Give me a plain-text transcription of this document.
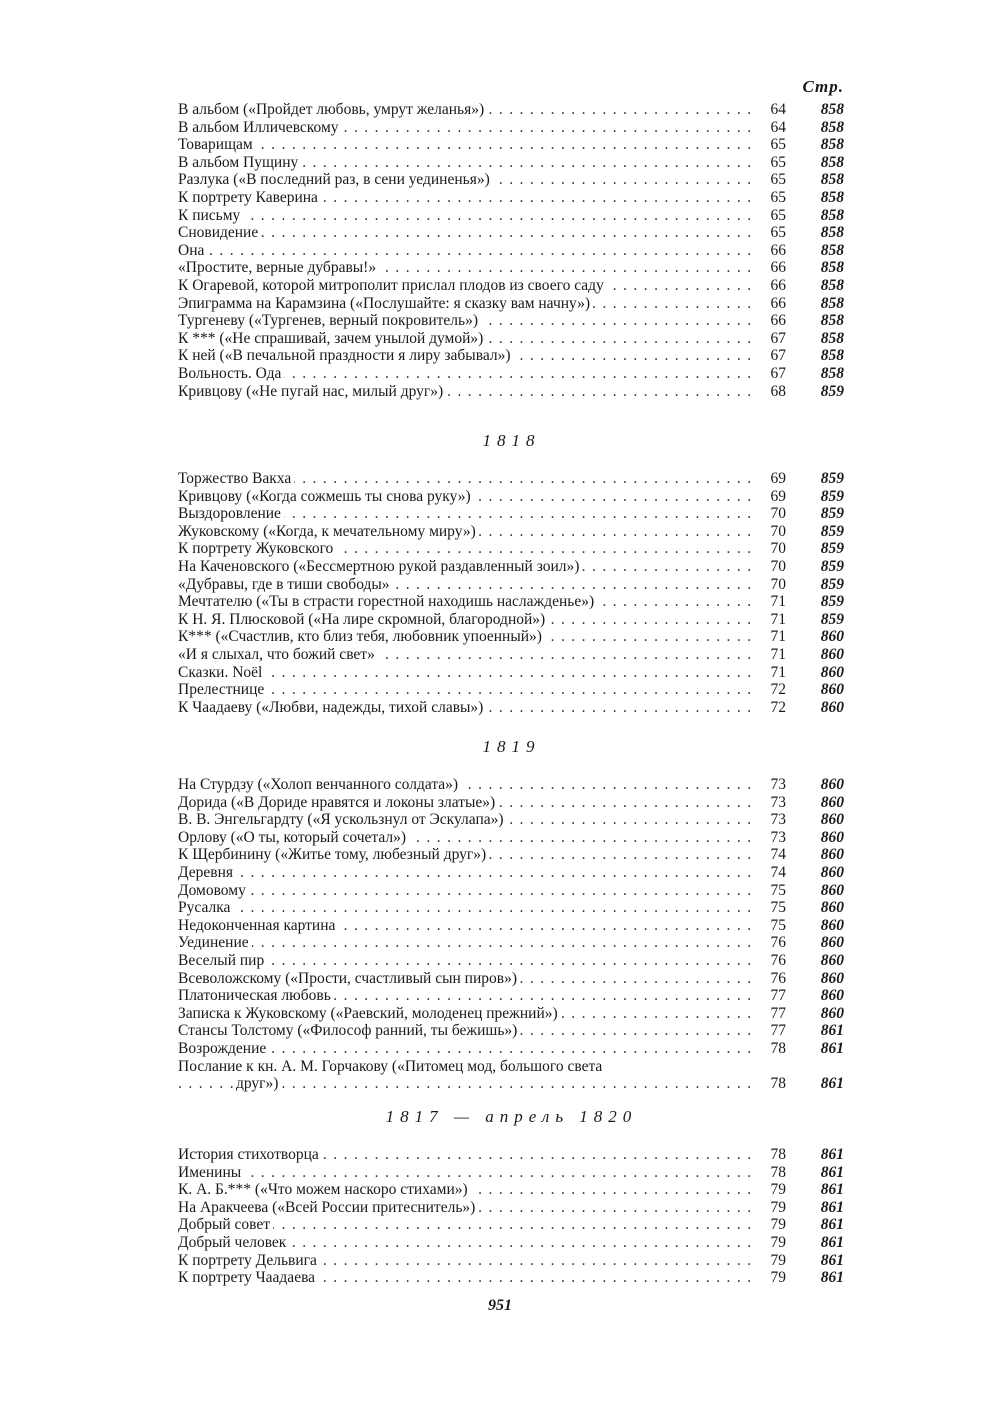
Стр.
В альбом («Пройдет любовь, умрут желанья») . . .	64	858
В альбом Илличевскому . . .	64	858
Товарищам . . .	65	858
В альбом Пущину . . .	65	858
Разлука («В последний раз, в сени уединенья») . . .	65	858
К портрету Каверина . . .	65	858
К письму . . .	65	858
Сновидение . . .	65	858
Она . . .	66	858
«Простите, верные дубравы!» . . .	66	858
К Огаревой, которой митрополит прислал плодов из своего саду . . .	66	858
Эпиграмма на Карамзина («Послушайте: я сказку вам начну») . . .	66	858
Тургеневу («Тургенев, верный покровитель») . . .	66	858
К *** («Не спрашивай, зачем унылой думой») . . .	67	858
К ней («В печальной праздности я лиру забывал») . . .	67	858
Вольность. Ода . . .	67	858
Кривцову («Не пугай нас, милый друг») . . .	68	859
1818
Торжество Вакха . . .	69	859
Кривцову («Когда сожмешь ты снова руку») . . .	69	859
Выздоровление . . .	70	859
Жуковскому («Когда, к мечательному миру») . . .	70	859
К портрету Жуковского . . .	70	859
На Каченовского («Бессмертною рукой раздавленный зоил») . . .	70	859
«Дубравы, где в тиши свободы» . . .	70	859
Мечтателю («Ты в страсти горестной находишь наслажденье») . . .	71	859
К Н. Я. Плюсковой («На лире скромной, благородной») . . .	71	859
К*** («Счастлив, кто близ тебя, любовник упоенный») . . .	71	860
«И я слыхал, что божий свет» . . .	71	860
Сказки. Noël . . .	71	860
Прелестнице . . .	72	860
К Чаадаеву («Любви, надежды, тихой славы») . . .	72	860
1819
На Стурдзу («Холоп венчанного солдата») . . .	73	860
Дорида («В Дориде нравятся и локоны златые») . . .	73	860
В. В. Энгельгардту («Я ускользнул от Эскулапа») . . .	73	860
Орлову («О ты, который сочетал») . . .	73	860
К Щербинину («Житье тому, любезный друг») . . .	74	860
Деревня . . .	74	860
Домовому . . .	75	860
Русалка . . .	75	860
Недоконченная картина . . .	75	860
Уединение . . .	76	860
Веселый пир . . .	76	860
Всеволожскому («Прости, счастливый сын пиров») . . .	76	860
Платоническая любовь . . .	77	860
Записка к Жуковскому («Раевский, молоденец прежний») . . .	77	860
Стансы Толстому («Философ ранний, ты бежишь») . . .	77	861
Возрождение . . .	78	861
Послание к кн. А. М. Горчакову («Питомец мод, большого света
друг») . . .	78	861
1817 — апрель 1820
История стихотворца . . .	78	861
Именины . . .	78	861
К. А. Б.*** («Что можем наскоро стихами») . . .	79	861
На Аракчеева («Всей России притеснитель») . . .	79	861
Добрый совет . . .	79	861
Добрый человек . . .	79	861
К портрету Дельвига . . .	79	861
К портрету Чаадаева . . .	79	861
951
